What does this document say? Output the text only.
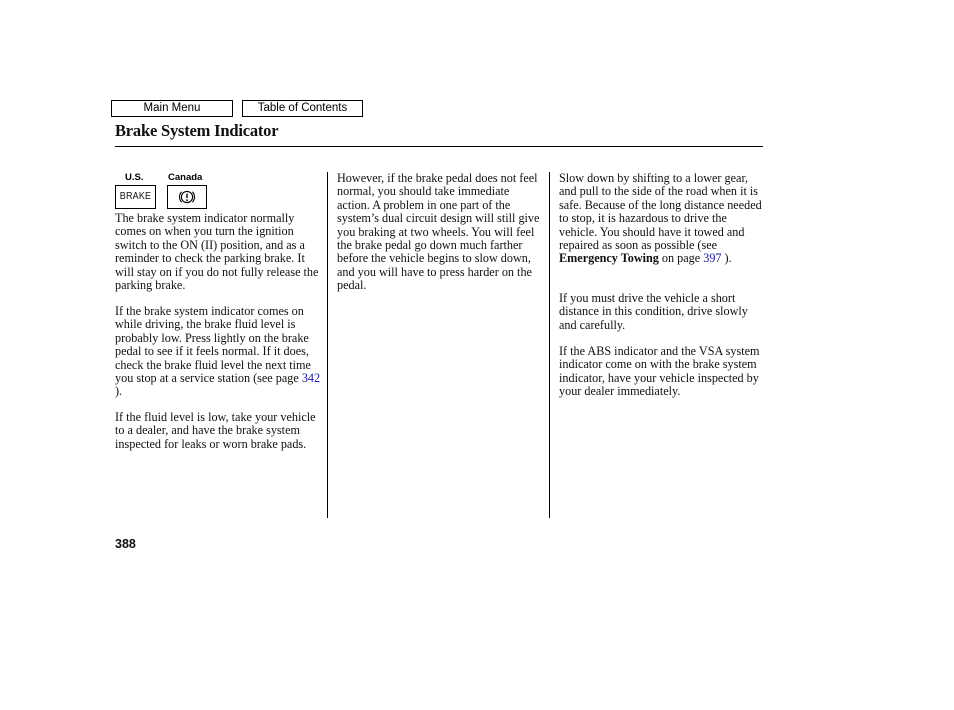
Main Menu	Table of Contents
Brake System Indicator
U.S.	Canada
BRAKE

The brake system indicator normally comes on when you turn the ignition switch to the ON (II) position, and as a reminder to check the parking brake. It will stay on if you do not fully release the parking brake.

If the brake system indicator comes on while driving, the brake fluid level is probably low. Press lightly on the brake pedal to see if it feels normal. If it does, check the brake fluid level the next time you stop at a service station (see page 342 ).

If the fluid level is low, take your vehicle to a dealer, and have the brake system inspected for leaks or worn brake pads.

However, if the brake pedal does not feel normal, you should take immediate action. A problem in one part of the system’s dual circuit design will still give you braking at two wheels. You will feel the brake pedal go down much farther before the vehicle begins to slow down, and you will have to press harder on the pedal.

Slow down by shifting to a lower gear, and pull to the side of the road when it is safe. Because of the long distance needed to stop, it is hazardous to drive the vehicle. You should have it towed and repaired as soon as possible (see Emergency Towing on page 397 ).

If you must drive the vehicle a short distance in this condition, drive slowly and carefully.

If the ABS indicator and the VSA system indicator come on with the brake system indicator, have your vehicle inspected by your dealer immediately.

388
